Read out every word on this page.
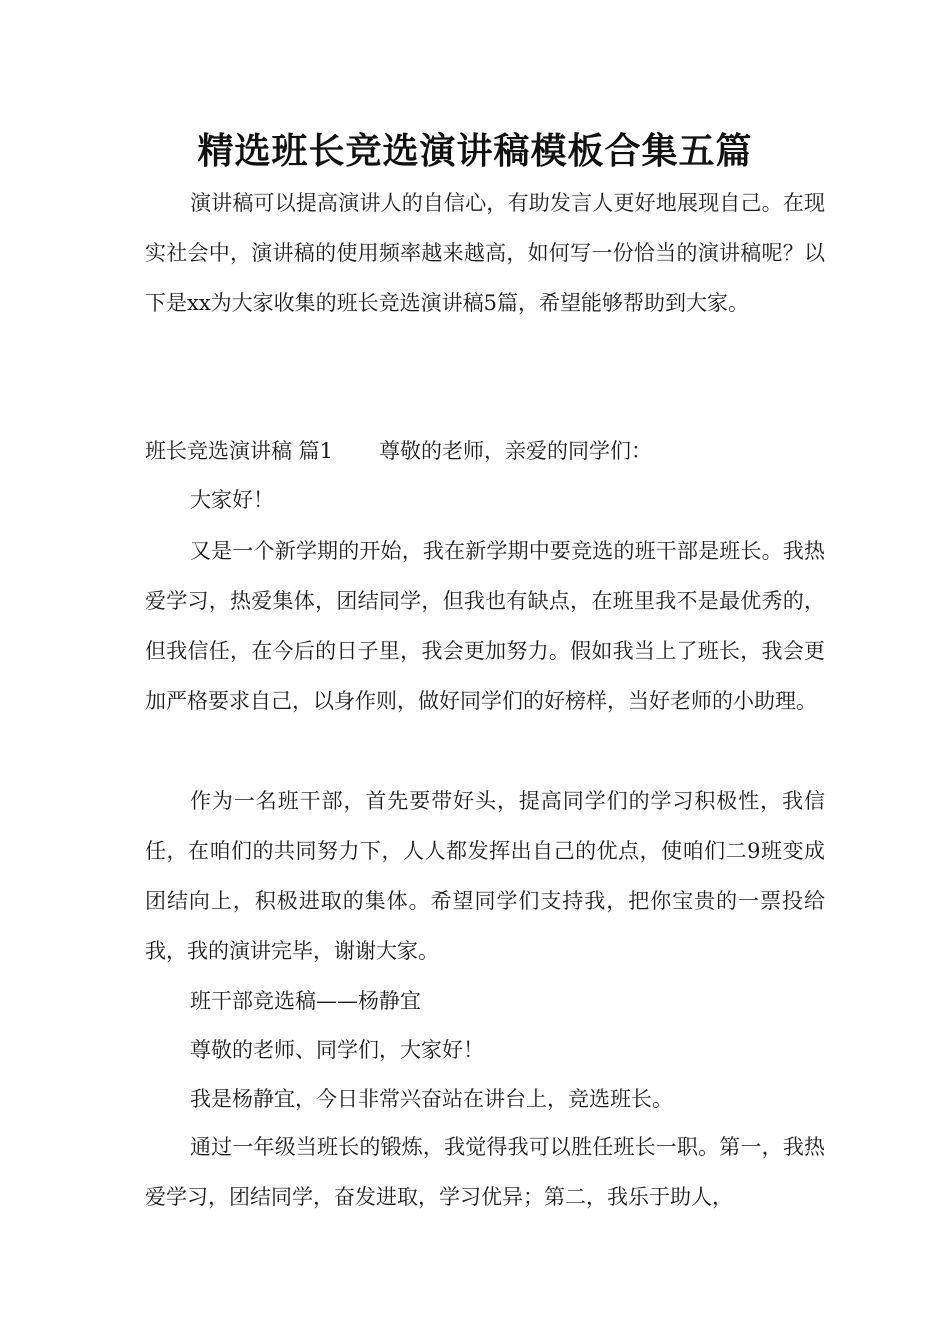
精选班长竞选演讲稿模板合集五篇

演讲稿可以提高演讲人的自信心，有助发言人更好地展现自己。在现实社会中，演讲稿的使用频率越来越高，如何写一份恰当的演讲稿呢？以下是xx为大家收集的班长竞选演讲稿5篇，希望能够帮助到大家。

班长竞选演讲稿 篇1 尊敬的老师，亲爱的同学们：

大家好！

又是一个新学期的开始，我在新学期中要竞选的班干部是班长。我热爱学习，热爱集体，团结同学，但我也有缺点，在班里我不是最优秀的，但我信任，在今后的日子里，我会更加努力。假如我当上了班长，我会更加严格要求自己，以身作则，做好同学们的好榜样，当好老师的小助理。

作为一名班干部，首先要带好头，提高同学们的学习积极性，我信任，在咱们的共同努力下，人人都发挥出自己的优点，使咱们二9班变成团结向上，积极进取的集体。希望同学们支持我，把你宝贵的一票投给我，我的演讲完毕，谢谢大家。

班干部竞选稿——杨静宜

尊敬的老师、同学们，大家好！

我是杨静宜，今日非常兴奋站在讲台上，竞选班长。

通过一年级当班长的锻炼，我觉得我可以胜任班长一职。第一，我热爱学习，团结同学，奋发进取，学习优异；第二，我乐于助人，
